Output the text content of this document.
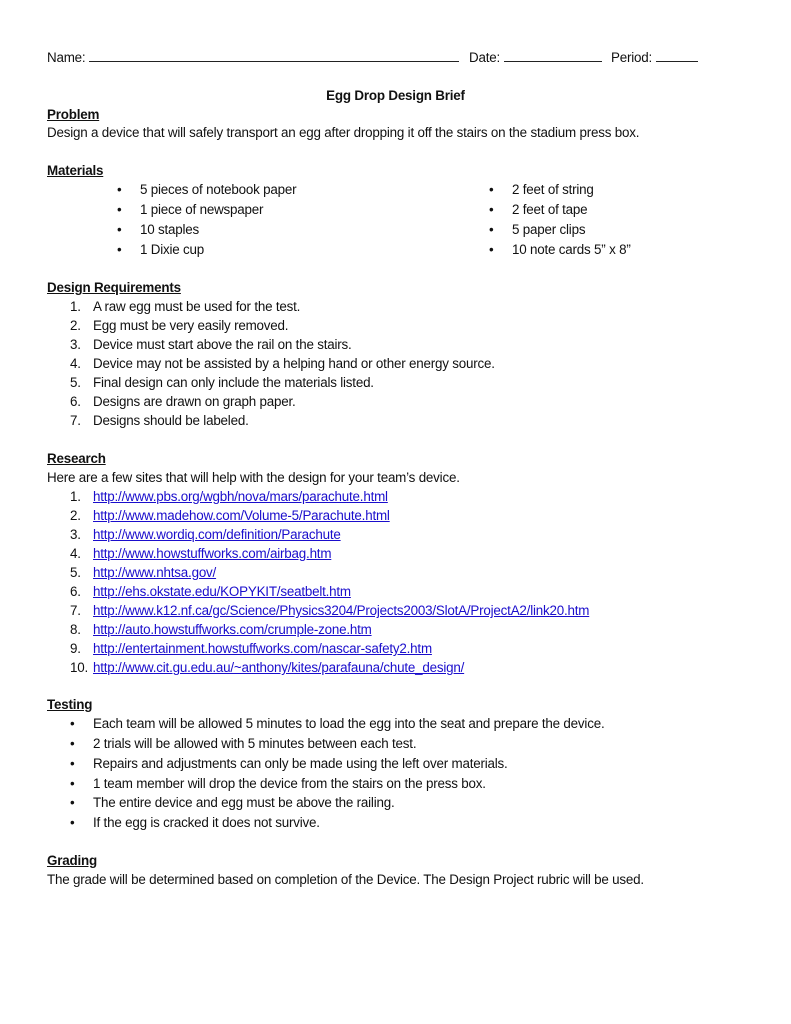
Name:	Date:	Period:
Egg Drop Design Brief
Problem
Design a device that will safely transport an egg after dropping it off the stairs on the stadium press box.
Materials
• 5 pieces of notebook paper
• 1 piece of newspaper
• 10 staples
• 1 Dixie cup
• 2 feet of string
• 2 feet of tape
• 5 paper clips
• 10 note cards 5” x 8”
Design Requirements
1. A raw egg must be used for the test.
2. Egg must be very easily removed.
3. Device must start above the rail on the stairs.
4. Device may not be assisted by a helping hand or other energy source.
5. Final design can only include the materials listed.
6. Designs are drawn on graph paper.
7. Designs should be labeled.
Research
Here are a few sites that will help with the design for your team’s device.
1. http://www.pbs.org/wgbh/nova/mars/parachute.html
2. http://www.madehow.com/Volume-5/Parachute.html
3. http://www.wordiq.com/definition/Parachute
4. http://www.howstuffworks.com/airbag.htm
5. http://www.nhtsa.gov/
6. http://ehs.okstate.edu/KOPYKIT/seatbelt.htm
7. http://www.k12.nf.ca/gc/Science/Physics3204/Projects2003/SlotA/ProjectA2/link20.htm
8. http://auto.howstuffworks.com/crumple-zone.htm
9. http://entertainment.howstuffworks.com/nascar-safety2.htm
10. http://www.cit.gu.edu.au/~anthony/kites/parafauna/chute_design/
Testing
• Each team will be allowed 5 minutes to load the egg into the seat and prepare the device.
• 2 trials will be allowed with 5 minutes between each test.
• Repairs and adjustments can only be made using the left over materials.
• 1 team member will drop the device from the stairs on the press box.
• The entire device and egg must be above the railing.
• If the egg is cracked it does not survive.
Grading
The grade will be determined based on completion of the Device. The Design Project rubric will be used.
